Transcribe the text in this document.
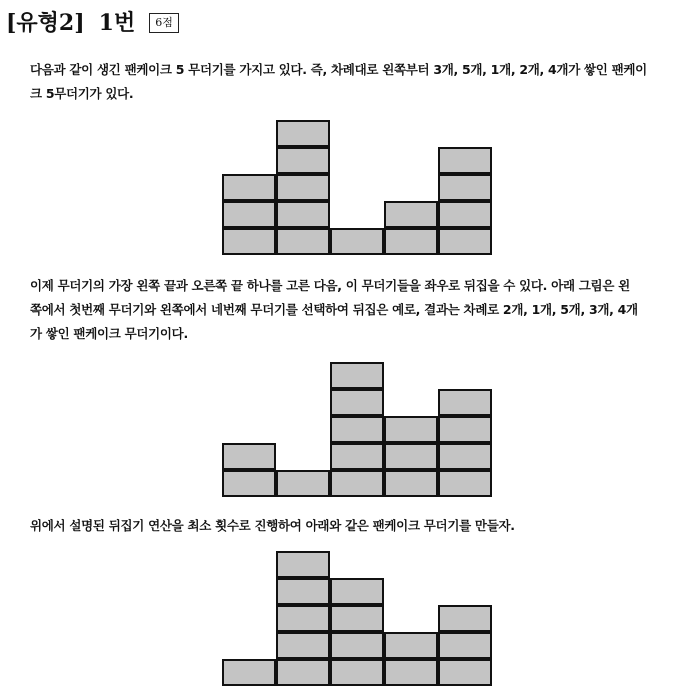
[유형2] 1번	6점
다음과 같이 생긴 팬케이크 5 무더기를 가지고 있다. 즉, 차례대로 왼쪽부터 3개, 5개, 1개, 2개, 4개가 쌓인 팬케이
크 5무더기가 있다.
이제 무더기의 가장 왼쪽 끝과 오른쪽 끝 하나를 고른 다음, 이 무더기들을 좌우로 뒤집을 수 있다. 아래 그림은 왼
쪽에서 첫번째 무더기와 왼쪽에서 네번째 무더기를 선택하여 뒤집은 예로, 결과는 차례로 2개, 1개, 5개, 3개, 4개
가 쌓인 팬케이크 무더기이다.
위에서 설명된 뒤집기 연산을 최소 횟수로 진행하여 아래와 같은 팬케이크 무더기를 만들자.
